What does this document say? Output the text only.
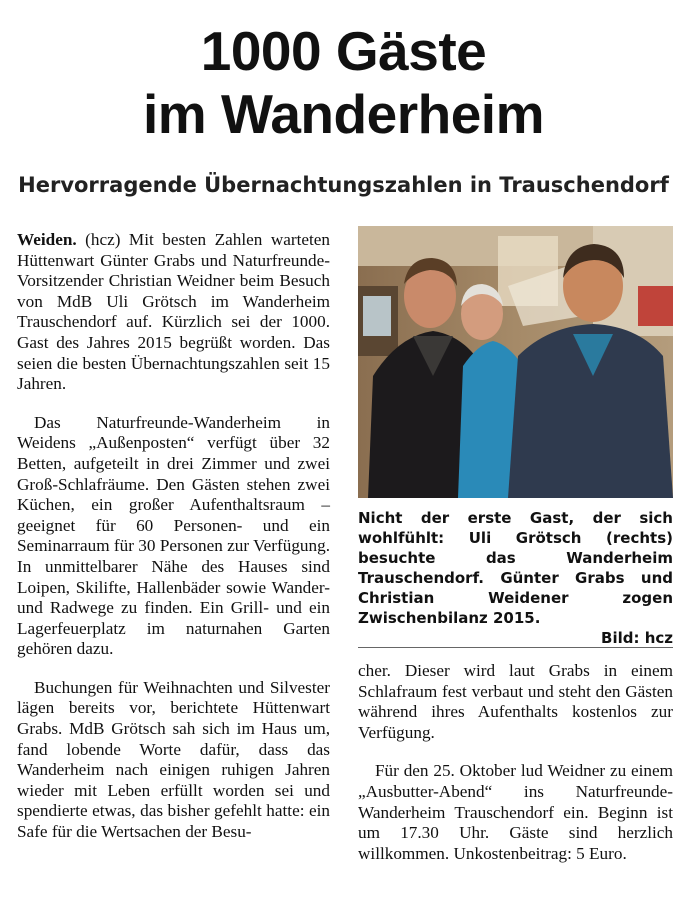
1000 Gäste
im Wanderheim
Hervorragende Übernachtungszahlen in Trauschendorf

Weiden. (hcz) Mit besten Zahlen warteten Hüttenwart Günter Grabs und Naturfreunde-Vorsitzender Christian Weidner beim Besuch von MdB Uli Grötsch im Wanderheim Trauschendorf auf. Kürzlich sei der 1000. Gast des Jahres 2015 begrüßt worden. Das seien die besten Übernachtungszahlen seit 15 Jahren.

Das Naturfreunde-Wanderheim in Weidens „Außenposten“ verfügt über 32 Betten, aufgeteilt in drei Zimmer und zwei Groß-Schlafräume. Den Gästen stehen zwei Küchen, ein großer Aufenthaltsraum – geeignet für 60 Personen- und ein Seminarraum für 30 Personen zur Verfügung. In unmittelbarer Nähe des Hauses sind Loipen, Skilifte, Hallenbäder sowie Wander- und Radwege zu finden. Ein Grill- und ein Lagerfeuerplatz im naturnahen Garten gehören dazu.

Buchungen für Weihnachten und Silvester lägen bereits vor, berichtete Hüttenwart Grabs. MdB Grötsch sah sich im Haus um, fand lobende Worte dafür, dass das Wanderheim nach einigen ruhigen Jahren wieder mit Leben erfüllt worden sei und spendierte etwas, das bisher gefehlt hatte: ein Safe für die Wertsachen der Besu-

Nicht der erste Gast, der sich wohlfühlt: Uli Grötsch (rechts) besuchte das Wanderheim Trauschendorf. Günter Grabs und Christian Weidener zogen Zwischenbilanz 2015.

Bild: hcz

cher. Dieser wird laut Grabs in einem Schlafraum fest verbaut und steht den Gästen während ihres Aufenthalts kostenlos zur Verfügung.

Für den 25. Oktober lud Weidner zu einem „Ausbutter-Abend“ ins Naturfreunde-Wanderheim Trauschendorf ein. Beginn ist um 17.30 Uhr. Gäste sind herzlich willkommen. Unkostenbeitrag: 5 Euro.
